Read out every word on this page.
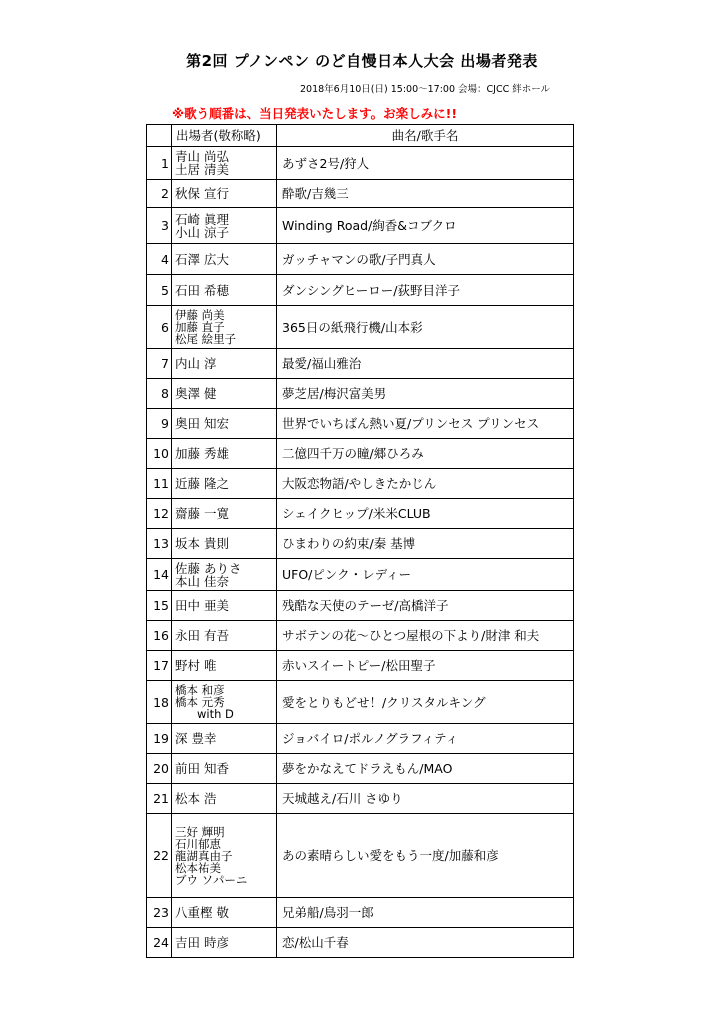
第2回 プノンペン のど自慢日本人大会 出場者発表
2018年6月10日(日) 15:00～17:00 会場：CJCC 絆ホール
※歌う順番は、当日発表いたします。お楽しみに!!
	出場者(敬称略)	曲名/歌手名
1	青山 尚弘
土居 清美	あずさ2号/狩人
2	秋保 宣行	酔歌/吉幾三
3	石崎 眞理
小山 涼子	Winding Road/絢香&コブクロ
4	石澤 広大	ガッチャマンの歌/子門真人
5	石田 希穂	ダンシングヒーロー/荻野目洋子
6	伊藤 尚美
加藤 直子
松尾 絵里子	365日の紙飛行機/山本彩
7	内山 淳	最愛/福山雅治
8	奥澤 健	夢芝居/梅沢富美男
9	奥田 知宏	世界でいちばん熱い夏/プリンセス プリンセス
10	加藤 秀雄	二億四千万の瞳/郷ひろみ
11	近藤 隆之	大阪恋物語/やしきたかじん
12	齋藤 一寛	シェイクヒップ/米米CLUB
13	坂本 貴則	ひまわりの約束/秦 基博
14	佐藤 ありさ
本山 佳奈	UFO/ピンク・レディー
15	田中 亜美	残酷な天使のテーゼ/高橋洋子
16	永田 有吾	サボテンの花～ひとつ屋根の下より/財津 和夫
17	野村 唯	赤いスイートピー/松田聖子
18	橋本 和彦
橋本 元秀
with D	愛をとりもどせ！/クリスタルキング
19	深 豊幸	ジョバイロ/ポルノグラフィティ
20	前田 知香	夢をかなえてドラえもん/MAO
21	松本 浩	天城越え/石川 さゆり
22	三好 輝明
石川郁恵
龍湖真由子
松本祐美
ブウ ソパーニ	あの素晴らしい愛をもう一度/加藤和彦
23	八重樫 敬	兄弟船/鳥羽一郎
24	吉田 時彦	恋/松山千春
